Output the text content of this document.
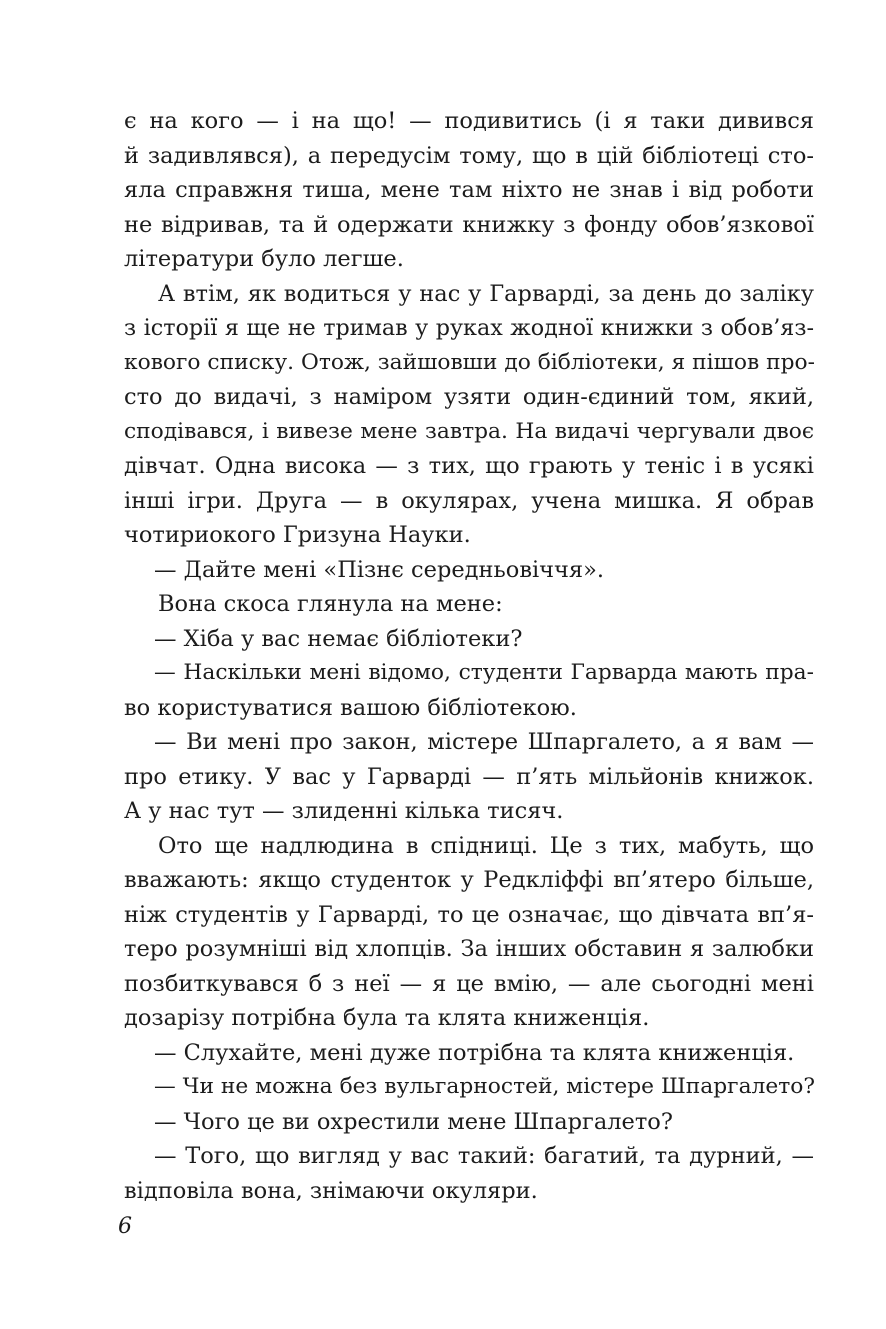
є на кого — і на що! — подивитись (і я таки дивився
й задивлявся), а передусім тому, що в цій бібліотеці сто-
яла справжня тиша, мене там ніхто не знав і від роботи
не відривав, та й одержати книжку з фонду обов’язкової
літератури було легше.
А втім, як водиться у нас у Гарварді, за день до заліку
з історії я ще не тримав у руках жодної книжки з обов’яз-
кового списку. Отож, зайшовши до бібліотеки, я пішов про-
сто до видачі, з наміром узяти один-єдиний том, який,
сподівався, і вивезе мене завтра. На видачі чергували двоє
дівчат. Одна висока — з тих, що грають у теніс і в усякі
інші ігри. Друга — в окулярах, учена мишка. Я обрав
чотириокого Гризуна Науки.
— Дайте мені «Пізнє середньовіччя».
Вона скоса глянула на мене:
— Хіба у вас немає бібліотеки?
— Наскільки мені відомо, студенти Гарварда мають пра-
во користуватися вашою бібліотекою.
— Ви мені про закон, містере Шпаргалето, а я вам —
про етику. У вас у Гарварді — п’ять мільйонів книжок.
А у нас тут — злиденні кілька тисяч.
Ото ще надлюдина в спідниці. Це з тих, мабуть, що
вважають: якщо студенток у Редкліффі вп’ятеро більше,
ніж студентів у Гарварді, то це означає, що дівчата вп’я-
теро розумніші від хлопців. За інших обставин я залюбки
позбиткувався б з неї — я це вмію, — але сьогодні мені
дозарізу потрібна була та клята книженція.
— Слухайте, мені дуже потрібна та клята книженція.
— Чи не можна без вульгарностей, містере Шпаргалето?
— Чого це ви охрестили мене Шпаргалето?
— Того, що вигляд у вас такий: багатий, та дурний, —
відповіла вона, знімаючи окуляри.
6
